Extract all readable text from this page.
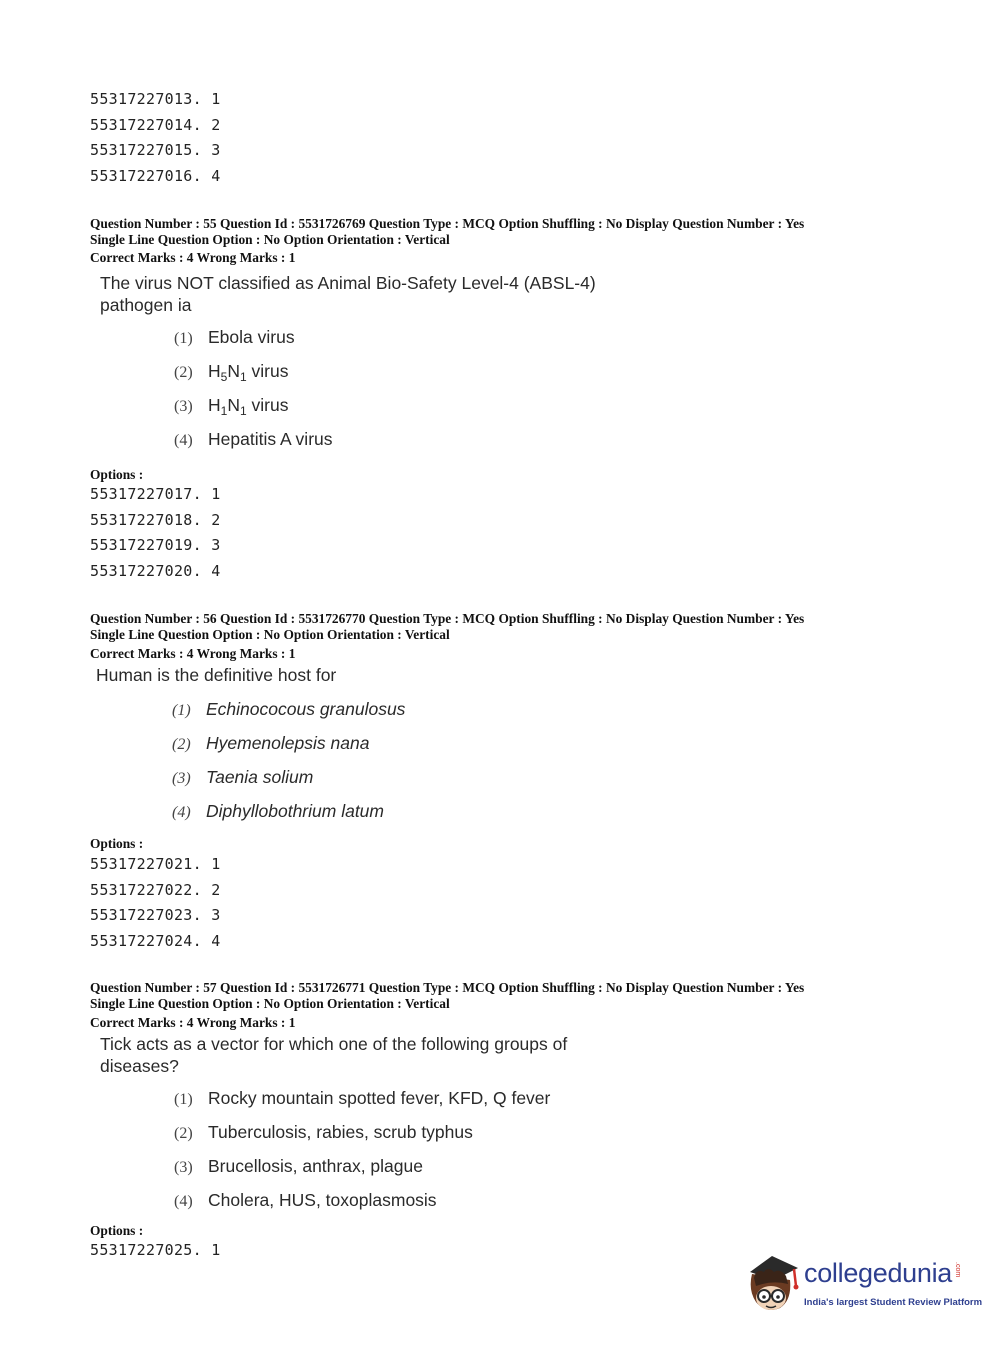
55317227013. 1
55317227014. 2
55317227015. 3
55317227016. 4
Question Number : 55 Question Id : 5531726769 Question Type : MCQ Option Shuffling : No Display Question Number : Yes
Single Line Question Option : No Option Orientation : Vertical
Correct Marks : 4 Wrong Marks : 1
The virus NOT classified as Animal Bio-Safety Level-4 (ABSL-4)
pathogen ia
(1) Ebola virus
(2) $H_5N_1$ virus
(3) $H_1N_1$ virus
(4) Hepatitis A virus
Options :
55317227017. 1
55317227018. 2
55317227019. 3
55317227020. 4
Question Number : 56 Question Id : 5531726770 Question Type : MCQ Option Shuffling : No Display Question Number : Yes
Single Line Question Option : No Option Orientation : Vertical
Correct Marks : 4 Wrong Marks : 1
Human is the definitive host for
(1) Echinococous granulosus
(2) Hyemenolepsis nana
(3) Taenia solium
(4) Diphyllobothrium latum
Options :
55317227021. 1
55317227022. 2
55317227023. 3
55317227024. 4
Question Number : 57 Question Id : 5531726771 Question Type : MCQ Option Shuffling : No Display Question Number : Yes
Single Line Question Option : No Option Orientation : Vertical
Correct Marks : 4 Wrong Marks : 1
Tick acts as a vector for which one of the following groups of
diseases?
(1) Rocky mountain spotted fever, KFD, Q fever
(2) Tuberculosis, rabies, scrub typhus
(3) Brucellosis, anthrax, plague
(4) Cholera, HUS, toxoplasmosis
Options :
55317227025. 1
collegedunia .com
India's largest Student Review Platform
